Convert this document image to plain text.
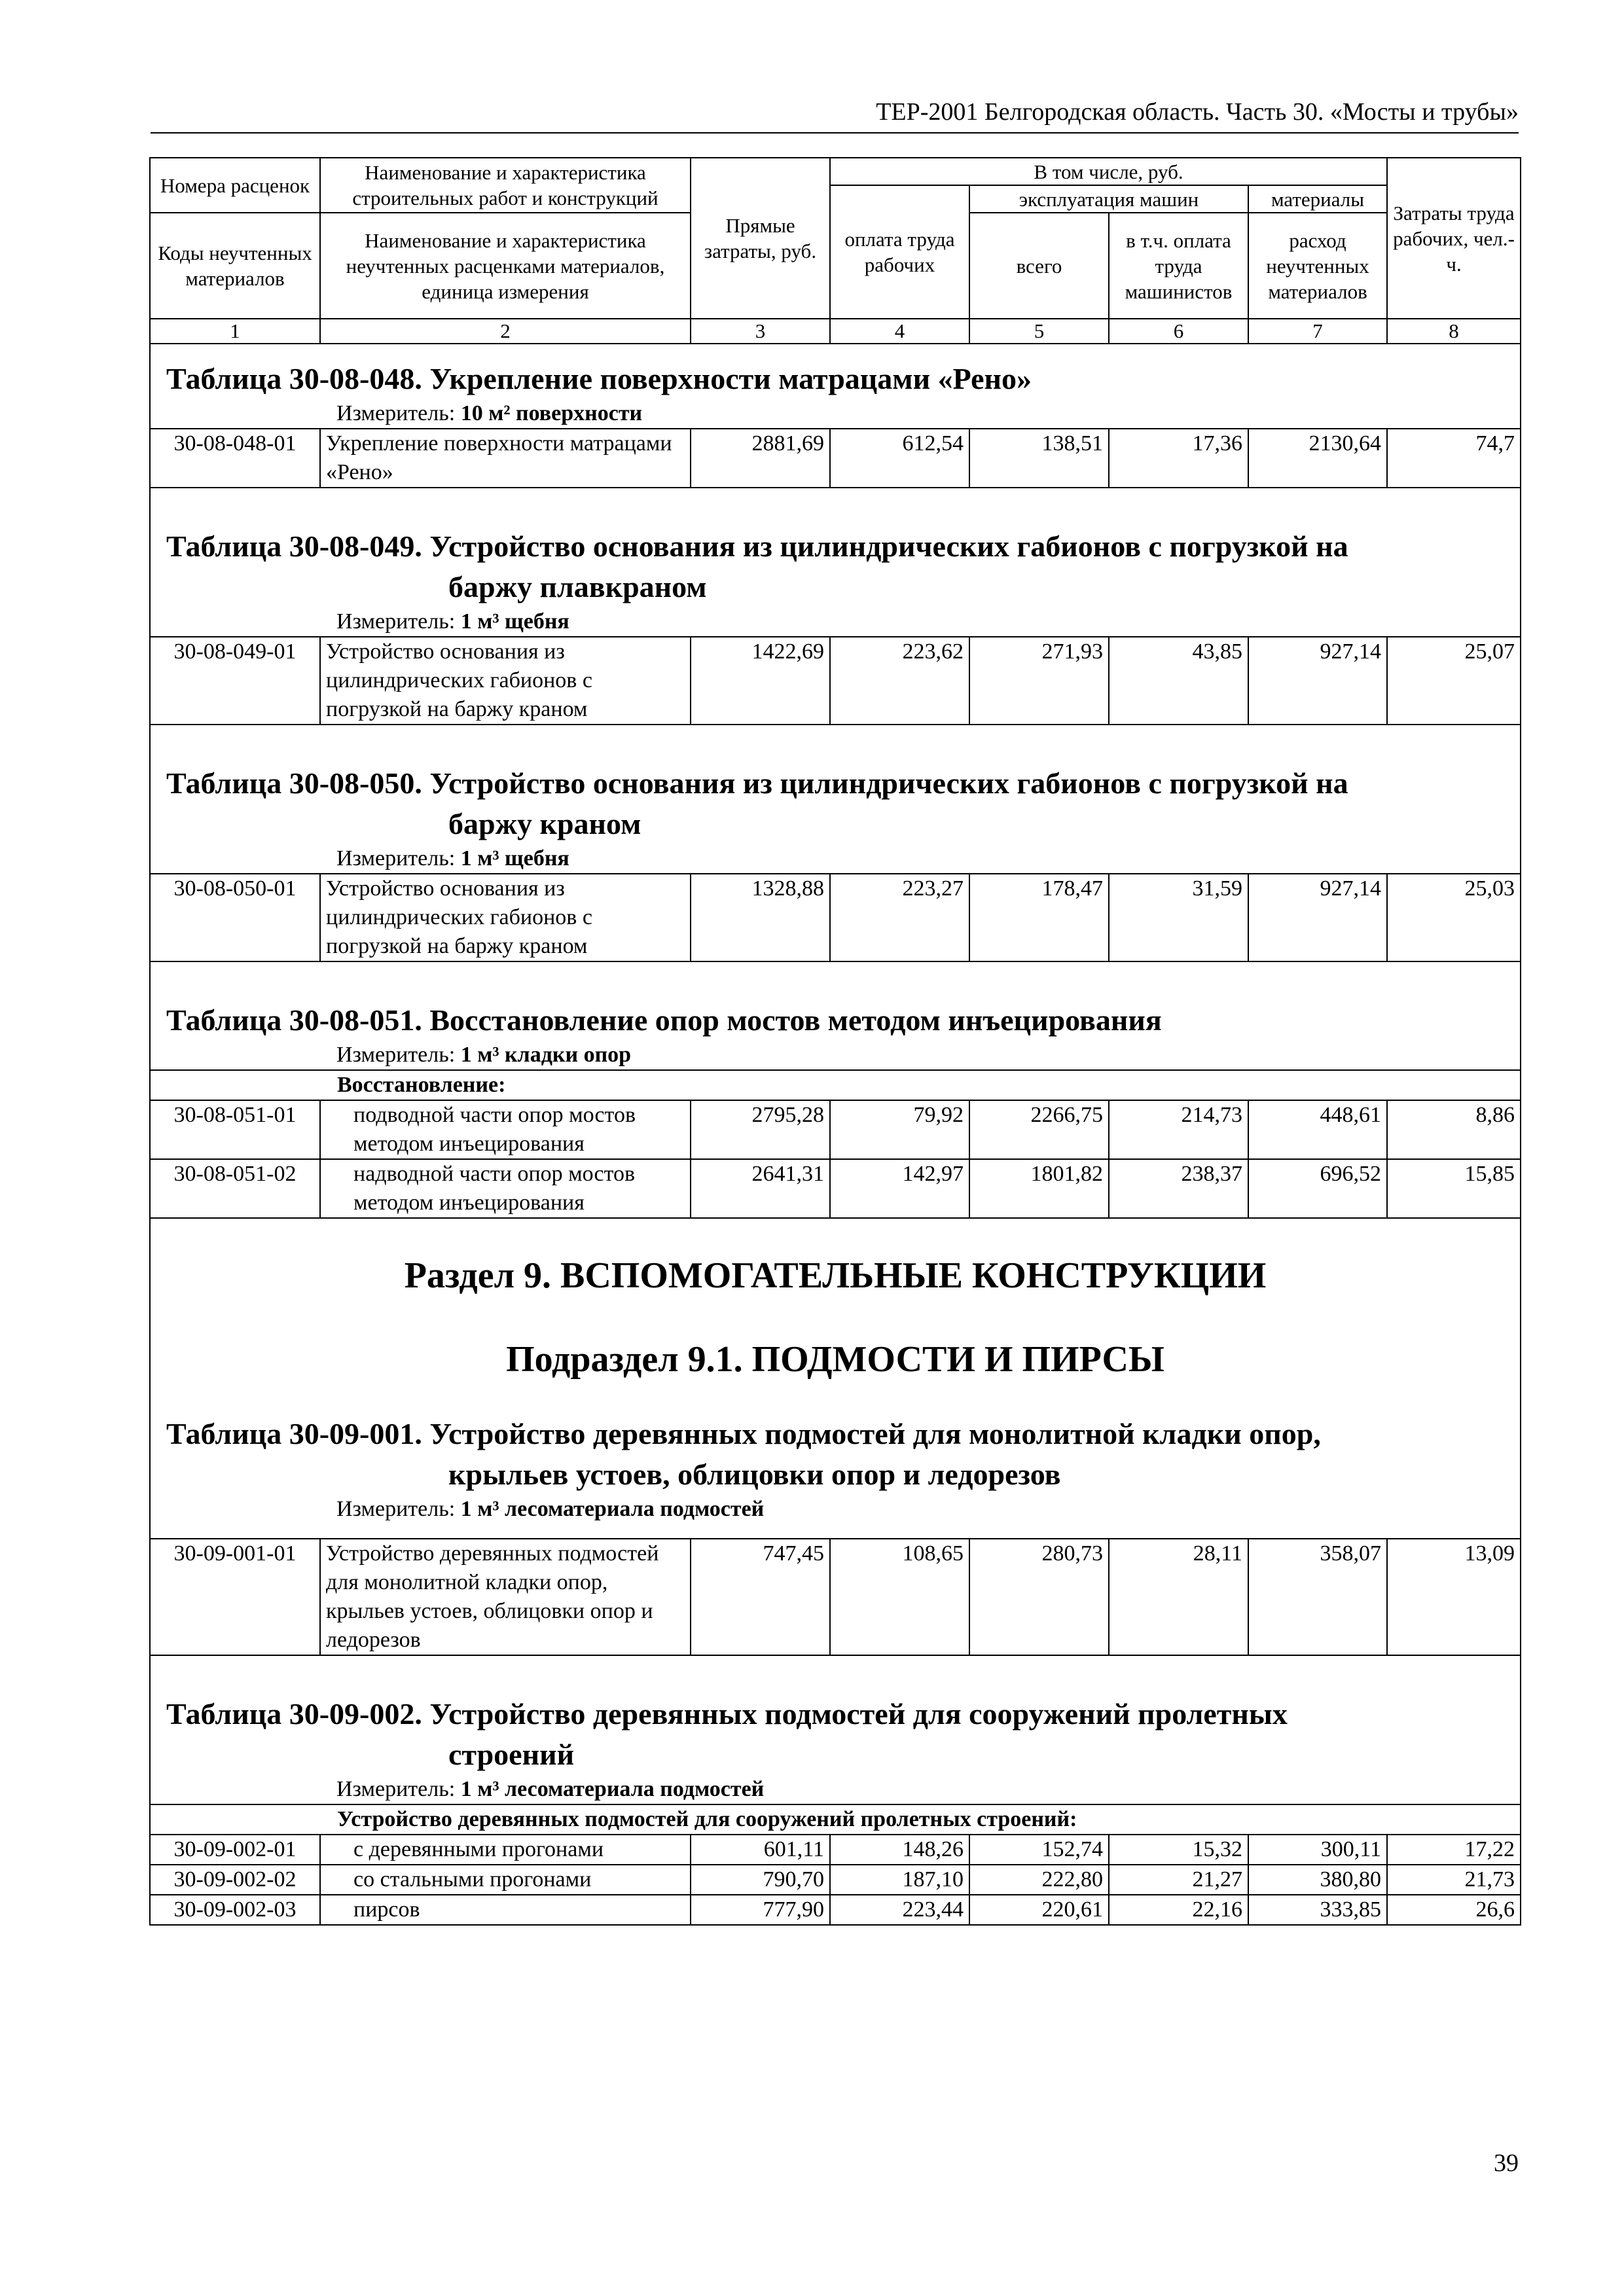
ТЕР-2001 Белгородская область. Часть 30. «Мосты и трубы»
Номера расценок	Наименование и характеристика строительных работ и конструкций	Прямые затраты, руб.	В том числе, руб.				Затраты труда рабочих, чел.-ч.
			оплата труда рабочих	эксплуатация машин		материалы	
Коды неучтенных материалов	Наименование и характеристика неучтенных расценками материалов, единица измерения			всего	в т.ч. оплата труда машинистов	расход неучтенных материалов	

1	2	3	4	5	6	7	8

Таблица 30-08-048. Укрепление поверхности матрацами «Рено»
Измеритель: 10 м² поверхности							

30-08-048-01	Укрепление поверхности матрацами «Рено»	2881,69	612,54	138,51	17,36	2130,64	74,7

Таблица 30-08-049. Устройство основания из цилиндрических габионов с погрузкой на
баржу плавкраном
Измеритель: 1 м³ щебня							

30-08-049-01	Устройство основания из цилиндрических габионов с погрузкой на баржу краном	1422,69	223,62	271,93	43,85	927,14	25,07

Таблица 30-08-050. Устройство основания из цилиндрических габионов с погрузкой на
баржу краном
Измеритель: 1 м³ щебня							

30-08-050-01	Устройство основания из цилиндрических габионов с погрузкой на баржу краном	1328,88	223,27	178,47	31,59	927,14	25,03

Таблица 30-08-051. Восстановление опор мостов методом инъецирования
Измеритель: 1 м³ кладки опор							

	Восстановление:						
30-08-051-01	подводной части опор мостов методом инъецирования	2795,28	79,92	2266,75	214,73	448,61	8,86
30-08-051-02	надводной части опор мостов методом инъецирования	2641,31	142,97	1801,82	238,37	696,52	15,85

Раздел 9. ВСПОМОГАТЕЛЬНЫЕ КОНСТРУКЦИИ
Подраздел 9.1. ПОДМОСТИ И ПИРСЫ
Таблица 30-09-001. Устройство деревянных подмостей для монолитной кладки опор,
крыльев устоев, облицовки опор и ледорезов
Измеритель: 1 м³ лесоматериала подмостей							

30-09-001-01	Устройство деревянных подмостей для монолитной кладки опор, крыльев устоев, облицовки опор и ледорезов	747,45	108,65	280,73	28,11	358,07	13,09

Таблица 30-09-002. Устройство деревянных подмостей для сооружений пролетных
строений
Измеритель: 1 м³ лесоматериала подмостей							

	Устройство деревянных подмостей для сооружений пролетных строений:						
30-09-002-01	с деревянными прогонами	601,11	148,26	152,74	15,32	300,11	17,22
30-09-002-02	со стальными прогонами	790,70	187,10	222,80	21,27	380,80	21,73
30-09-002-03	пирсов	777,90	223,44	220,61	22,16	333,85	26,6
39
